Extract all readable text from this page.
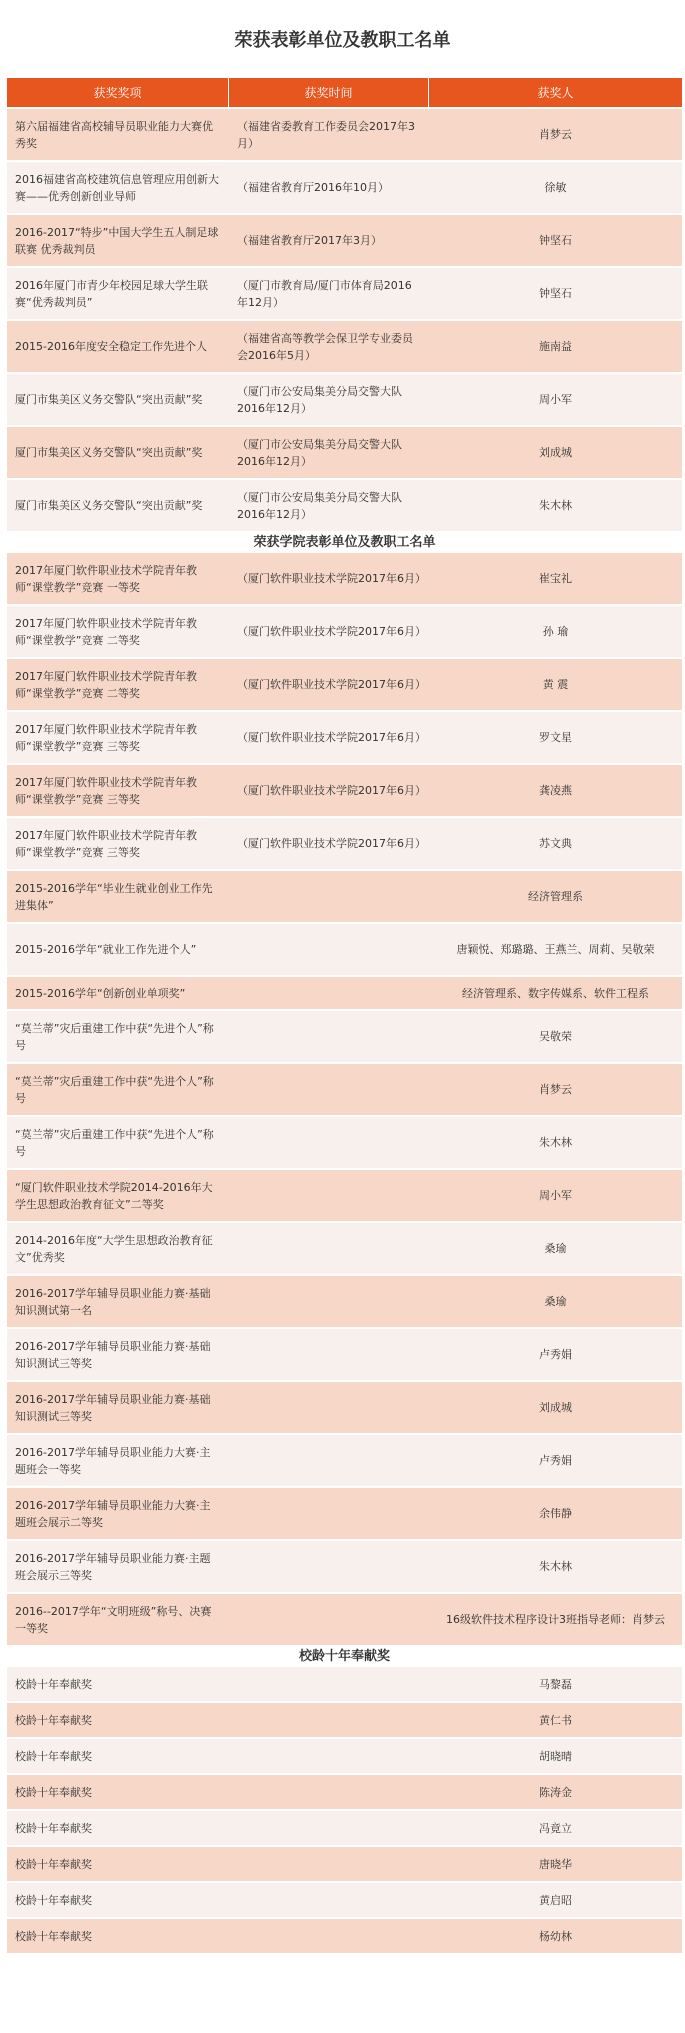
荣获表彰单位及教职工名单
获奖奖项	获奖时间	获奖人
第六届福建省高校辅导员职业能力大赛优秀奖	（福建省委教育工作委员会2017年3月）	肖梦云
2016福建省高校建筑信息管理应用创新大赛——优秀创新创业导师	（福建省教育厅2016年10月）	徐敏
2016-2017“特步”中国大学生五人制足球联赛 优秀裁判员	（福建省教育厅2017年3月）	钟坚石
2016年厦门市青少年校园足球大学生联赛“优秀裁判员”	（厦门市教育局/厦门市体育局2016年12月）	钟坚石
2015-2016年度安全稳定工作先进个人	（福建省高等教学会保卫学专业委员会2016年5月）	施南益
厦门市集美区义务交警队“突出贡献”奖	（厦门市公安局集美分局交警大队2016年12月）	周小军
厦门市集美区义务交警队“突出贡献”奖	（厦门市公安局集美分局交警大队2016年12月）	刘成城
厦门市集美区义务交警队“突出贡献”奖	（厦门市公安局集美分局交警大队2016年12月）	朱木林
荣获学院表彰单位及教职工名单		
2017年厦门软件职业技术学院青年教师“课堂教学”竞赛 一等奖	（厦门软件职业技术学院2017年6月）	崔宝礼
2017年厦门软件职业技术学院青年教师“课堂教学”竞赛 二等奖	（厦门软件职业技术学院2017年6月）	孙 瑜
2017年厦门软件职业技术学院青年教师“课堂教学”竞赛 二等奖	（厦门软件职业技术学院2017年6月）	黄 震
2017年厦门软件职业技术学院青年教师“课堂教学”竞赛 三等奖	（厦门软件职业技术学院2017年6月）	罗文星
2017年厦门软件职业技术学院青年教师“课堂教学”竞赛 三等奖	（厦门软件职业技术学院2017年6月）	龚凌燕
2017年厦门软件职业技术学院青年教师“课堂教学”竞赛 三等奖	（厦门软件职业技术学院2017年6月）	苏文典
2015-2016学年“毕业生就业创业工作先进集体”		经济管理系
2015-2016学年“就业工作先进个人”		唐颖悦、郑璐璐、王燕兰、周莉、吴敬荣
2015-2016学年“创新创业单项奖”		经济管理系、数字传媒系、软件工程系
“莫兰蒂”灾后重建工作中获“先进个人”称号		吴敬荣
“莫兰蒂”灾后重建工作中获“先进个人”称号		肖梦云
“莫兰蒂”灾后重建工作中获“先进个人”称号		朱木林
“厦门软件职业技术学院2014-2016年大学生思想政治教育征文”二等奖		周小军
2014-2016年度“大学生思想政治教育征文”优秀奖		桑瑜
2016-2017学年辅导员职业能力赛·基础知识测试第一名		桑瑜
2016-2017学年辅导员职业能力赛·基础知识测试三等奖		卢秀娟
2016-2017学年辅导员职业能力赛·基础知识测试三等奖		刘成城
2016-2017学年辅导员职业能力大赛·主题班会一等奖		卢秀娟
2016-2017学年辅导员职业能力大赛·主题班会展示二等奖		余伟静
2016-2017学年辅导员职业能力赛·主题班会展示三等奖		朱木林
2016--2017学年“文明班级”称号、决赛一等奖		16级软件技术程序设计3班指导老师：肖梦云
校龄十年奉献奖		
校龄十年奉献奖		马黎磊
校龄十年奉献奖		黄仁书
校龄十年奉献奖		胡晓晴
校龄十年奉献奖		陈涛金
校龄十年奉献奖		冯竟立
校龄十年奉献奖		唐晓华
校龄十年奉献奖		黄启昭
校龄十年奉献奖		杨幼林
